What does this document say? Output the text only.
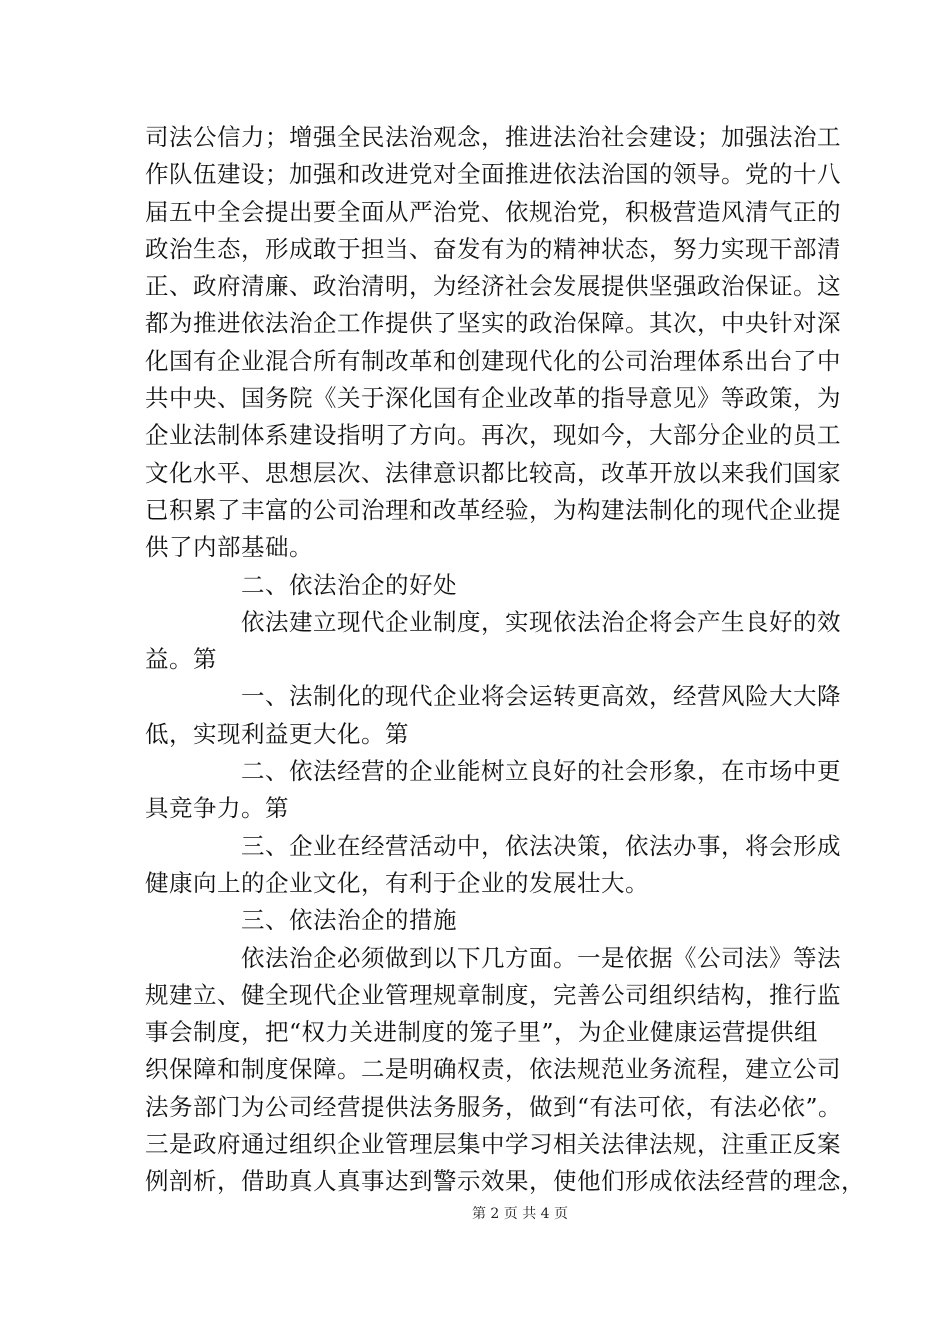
司法公信力；增强全民法治观念，推进法治社会建设；加强法治工
作队伍建设；加强和改进党对全面推进依法治国的领导。党的十八
届五中全会提出要全面从严治党、依规治党，积极营造风清气正的
政治生态，形成敢于担当、奋发有为的精神状态，努力实现干部清
正、政府清廉、政治清明，为经济社会发展提供坚强政治保证。这
都为推进依法治企工作提供了坚实的政治保障。其次，中央针对深
化国有企业混合所有制改革和创建现代化的公司治理体系出台了中
共中央、国务院《关于深化国有企业改革的指导意见》等政策，为
企业法制体系建设指明了方向。再次，现如今，大部分企业的员工
文化水平、思想层次、法律意识都比较高，改革开放以来我们国家
已积累了丰富的公司治理和改革经验，为构建法制化的现代企业提
供了内部基础。
二、依法治企的好处
依法建立现代企业制度，实现依法治企将会产生良好的效
益。第
一、法制化的现代企业将会运转更高效，经营风险大大降
低，实现利益更大化。第
二、依法经营的企业能树立良好的社会形象，在市场中更
具竞争力。第
三、企业在经营活动中，依法决策，依法办事，将会形成
健康向上的企业文化，有利于企业的发展壮大。
三、依法治企的措施
依法治企必须做到以下几方面。一是依据《公司法》等法
规建立、健全现代企业管理规章制度，完善公司组织结构，推行监
事会制度，把“权力关进制度的笼子里”，为企业健康运营提供组
织保障和制度保障。二是明确权责，依法规范业务流程，建立公司
法务部门为公司经营提供法务服务，做到“有法可依，有法必依”。
三是政府通过组织企业管理层集中学习相关法律法规，注重正反案
例剖析，借助真人真事达到警示效果，使他们形成依法经营的理念，
第 2 页 共 4 页
